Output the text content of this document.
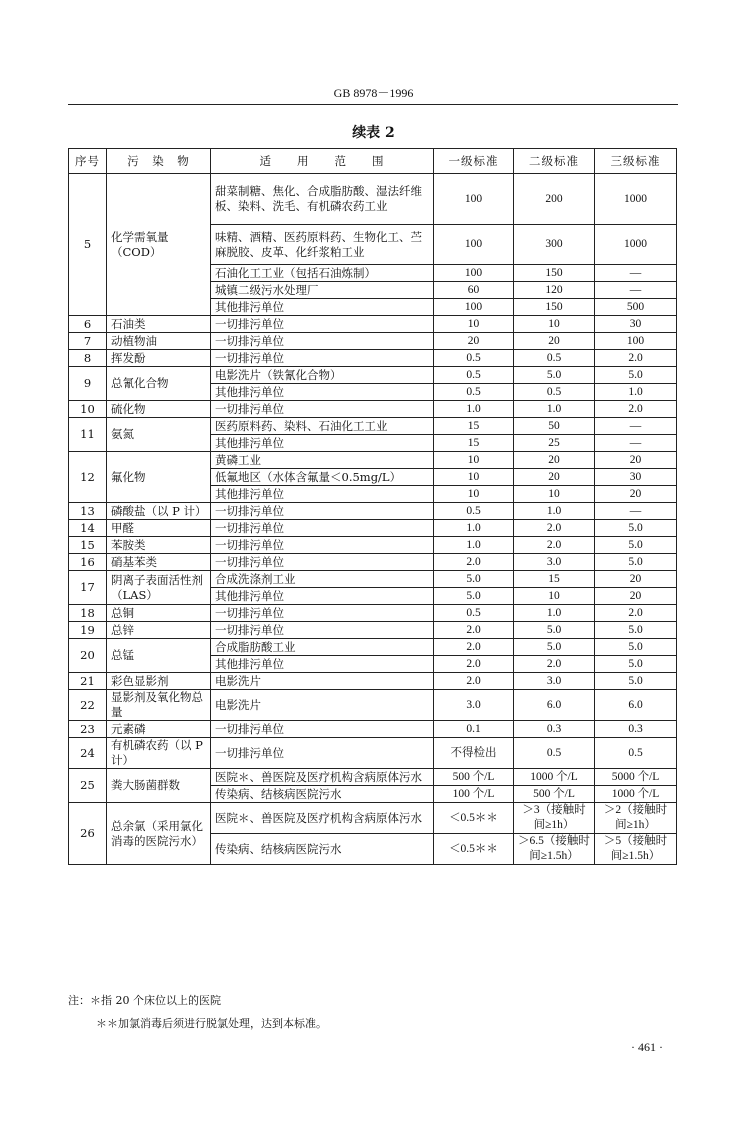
GB 8978－1996
续表 2
序号	污　染　物	适　　用　　范　　围	一级标准	二级标准	三级标准
5	化学需氧量（COD）	甜菜制糖、焦化、合成脂肪酸、湿法纤维板、染料、洗毛、有机磷农药工业	100	200	1000
		味精、酒精、医药原料药、生物化工、苎麻脱胶、皮革、化纤浆粕工业	100	300	1000
		石油化工工业（包括石油炼制）	100	150	—
		城镇二级污水处理厂	60	120	—
		其他排污单位	100	150	500
6	石油类	一切排污单位	10	10	30
7	动植物油	一切排污单位	20	20	100
8	挥发酚	一切排污单位	0.5	0.5	2.0
9	总氰化合物	电影洗片（铁氰化合物）	0.5	5.0	5.0
		其他排污单位	0.5	0.5	1.0
10	硫化物	一切排污单位	1.0	1.0	2.0
11	氨氮	医药原料药、染料、石油化工工业	15	50	—
		其他排污单位	15	25	—
12	氟化物	黄磷工业	10	20	20
		低氟地区（水体含氟量＜0.5mg/L）	10	20	30
		其他排污单位	10	10	20
13	磷酸盐（以 P 计）	一切排污单位	0.5	1.0	—
14	甲醛	一切排污单位	1.0	2.0	5.0
15	苯胺类	一切排污单位	1.0	2.0	5.0
16	硝基苯类	一切排污单位	2.0	3.0	5.0
17	阴离子表面活性剂（LAS）	合成洗涤剂工业	5.0	15	20
		其他排污单位	5.0	10	20
18	总铜	一切排污单位	0.5	1.0	2.0
19	总锌	一切排污单位	2.0	5.0	5.0
20	总锰	合成脂肪酸工业	2.0	5.0	5.0
		其他排污单位	2.0	2.0	5.0
21	彩色显影剂	电影洗片	2.0	3.0	5.0
22	显影剂及氧化物总量	电影洗片	3.0	6.0	6.0
23	元素磷	一切排污单位	0.1	0.3	0.3
24	有机磷农药（以 P 计）	一切排污单位	不得检出	0.5	0.5
25	粪大肠菌群数	医院＊、兽医院及医疗机构含病原体污水	500 个/L	1000 个/L	5000 个/L
		传染病、结核病医院污水	100 个/L	500 个/L	1000 个/L
26	总余氯（采用氯化消毒的医院污水）	医院＊、兽医院及医疗机构含病原体污水	＜0.5＊＊	＞3（接触时间≥1h）	＞2（接触时间≥1h）
		传染病、结核病医院污水	＜0.5＊＊	＞6.5（接触时间≥1.5h）	＞5（接触时间≥1.5h）
注：＊指 20 个床位以上的医院
＊＊加氯消毒后须进行脱氯处理，达到本标准。
· 461 ·
